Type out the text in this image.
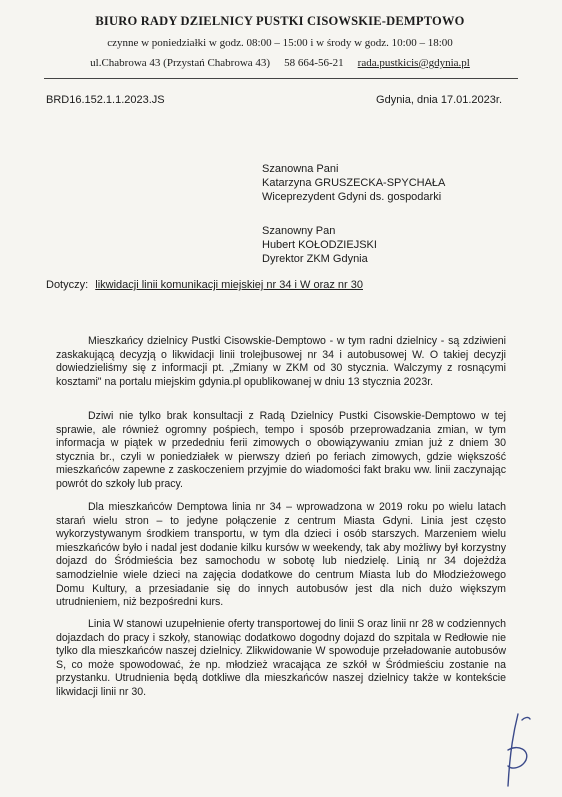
BIURO RADY DZIELNICY PUSTKI CISOWSKIE-DEMPTOWO
czynne w poniedziałki w godz. 08:00 – 15:00 i w środy w godz. 10:00 – 18:00
ul.Chabrowa 43 (Przystań Chabrowa 43) 58 664-56-21 rada.pustkicis@gdynia.pl
BRD16.152.1.1.2023.JS	Gdynia, dnia 17.01.2023r.
Szanowna Pani
Katarzyna GRUSZECKA-SPYCHAŁA
Wiceprezydent Gdyni ds. gospodarki
Szanowny Pan
Hubert KOŁODZIEJSKI
Dyrektor ZKM Gdynia
Dotyczy: likwidacji linii komunikacji miejskiej nr 34 i W oraz nr 30

Mieszkańcy dzielnicy Pustki Cisowskie-Demptowo - w tym radni dzielnicy - są zdziwieni zaskakującą decyzją o likwidacji linii trolejbusowej nr 34 i autobusowej W. O takiej decyzji dowiedzieliśmy się z informacji pt. „Zmiany w ZKM od 30 stycznia. Walczymy z rosnącymi kosztami" na portalu miejskim gdynia.pl opublikowanej w dniu 13 stycznia 2023r.

Dziwi nie tylko brak konsultacji z Radą Dzielnicy Pustki Cisowskie-Demptowo w tej sprawie, ale również ogromny pośpiech, tempo i sposób przeprowadzania zmian, w tym informacja w piątek w przededniu ferii zimowych o obowiązywaniu zmian już z dniem 30 stycznia br., czyli w poniedziałek w pierwszy dzień po feriach zimowych, gdzie większość mieszkańców zapewne z zaskoczeniem przyjmie do wiadomości fakt braku ww. linii zaczynając powrót do szkoły lub pracy.

Dla mieszkańców Demptowa linia nr 34 – wprowadzona w 2019 roku po wielu latach starań wielu stron – to jedyne połączenie z centrum Miasta Gdyni. Linia jest często wykorzystywanym środkiem transportu, w tym dla dzieci i osób starszych. Marzeniem wielu mieszkańców było i nadal jest dodanie kilku kursów w weekendy, tak aby możliwy był korzystny dojazd do Śródmieścia bez samochodu w sobotę lub niedzielę. Linią nr 34 dojeżdża samodzielnie wiele dzieci na zajęcia dodatkowe do centrum Miasta lub do Młodzieżowego Domu Kultury, a przesiadanie się do innych autobusów jest dla nich dużo większym utrudnieniem, niż bezpośredni kurs.

Linia W stanowi uzupełnienie oferty transportowej do linii S oraz linii nr 28 w codziennych dojazdach do pracy i szkoły, stanowiąc dodatkowo dogodny dojazd do szpitala w Redłowie nie tylko dla mieszkańców naszej dzielnicy. Zlikwidowanie W spowoduje przeładowanie autobusów S, co może spowodować, że np. młodzież wracająca ze szkół w Śródmieściu zostanie na przystanku. Utrudnienia będą dotkliwe dla mieszkańców naszej dzielnicy także w kontekście likwidacji linii nr 30.
